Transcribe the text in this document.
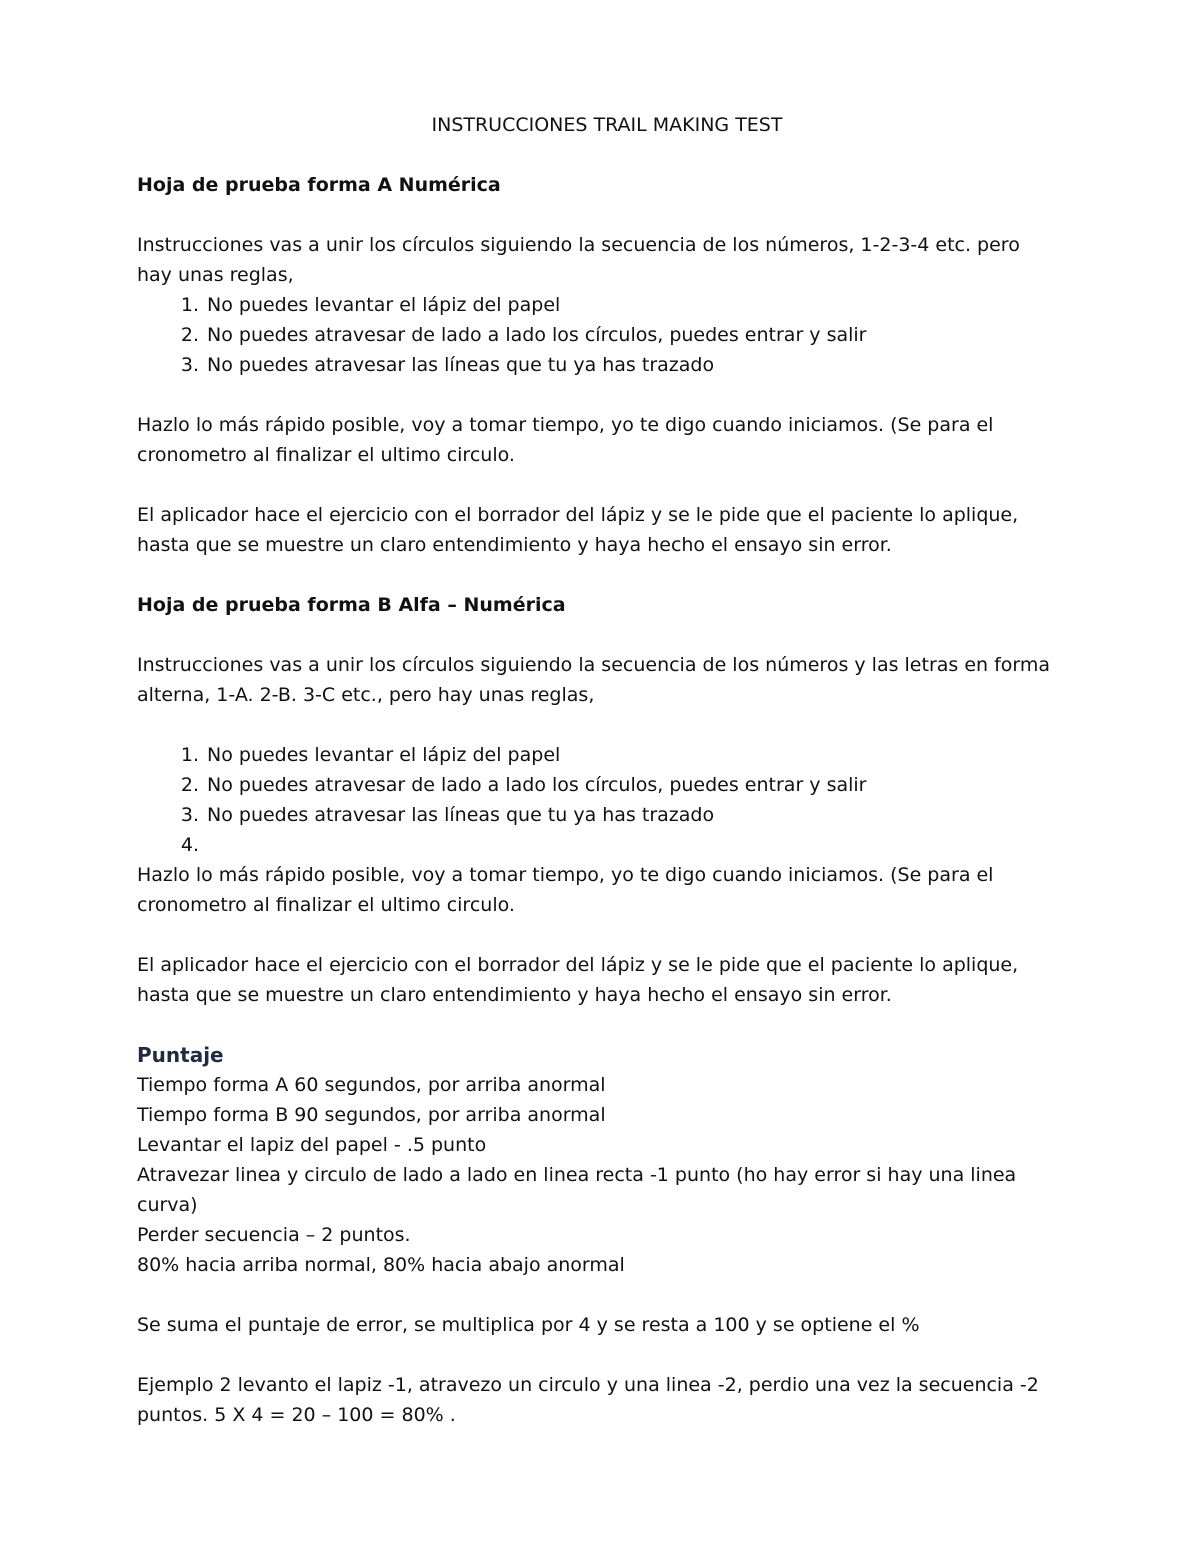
INSTRUCCIONES TRAIL MAKING TEST
Hoja de prueba forma A Numérica

Instrucciones vas a unir los círculos siguiendo la secuencia de los números, 1-2-3-4 etc. pero
hay unas reglas,

1. No puedes levantar el lápiz del papel
2. No puedes atravesar de lado a lado los círculos, puedes entrar y salir
3. No puedes atravesar las líneas que tu ya has trazado

Hazlo lo más rápido posible, voy a tomar tiempo, yo te digo cuando iniciamos. (Se para el
cronometro al finalizar el ultimo circulo.

El aplicador hace el ejercicio con el borrador del lápiz y se le pide que el paciente lo aplique,
hasta que se muestre un claro entendimiento y haya hecho el ensayo sin error.

Hoja de prueba forma B Alfa – Numérica

Instrucciones vas a unir los círculos siguiendo la secuencia de los números y las letras en forma
alterna, 1-A. 2-B. 3-C etc., pero hay unas reglas,

1. No puedes levantar el lápiz del papel
2. No puedes atravesar de lado a lado los círculos, puedes entrar y salir
3. No puedes atravesar las líneas que tu ya has trazado
4.

Hazlo lo más rápido posible, voy a tomar tiempo, yo te digo cuando iniciamos. (Se para el
cronometro al finalizar el ultimo circulo.

El aplicador hace el ejercicio con el borrador del lápiz y se le pide que el paciente lo aplique,
hasta que se muestre un claro entendimiento y haya hecho el ensayo sin error.

Puntaje
Tiempo forma A 60 segundos, por arriba anormal
Tiempo forma B 90 segundos, por arriba anormal
Levantar el lapiz del papel - .5 punto
Atravezar linea y circulo de lado a lado en linea recta -1 punto (ho hay error si hay una linea
curva)
Perder secuencia – 2 puntos.
80% hacia arriba normal, 80% hacia abajo anormal

Se suma el puntaje de error, se multiplica por 4 y se resta a 100 y se optiene el %

Ejemplo 2 levanto el lapiz -1, atravezo un circulo y una linea -2, perdio una vez la secuencia -2
puntos. 5 X 4 = 20 – 100 = 80% .
